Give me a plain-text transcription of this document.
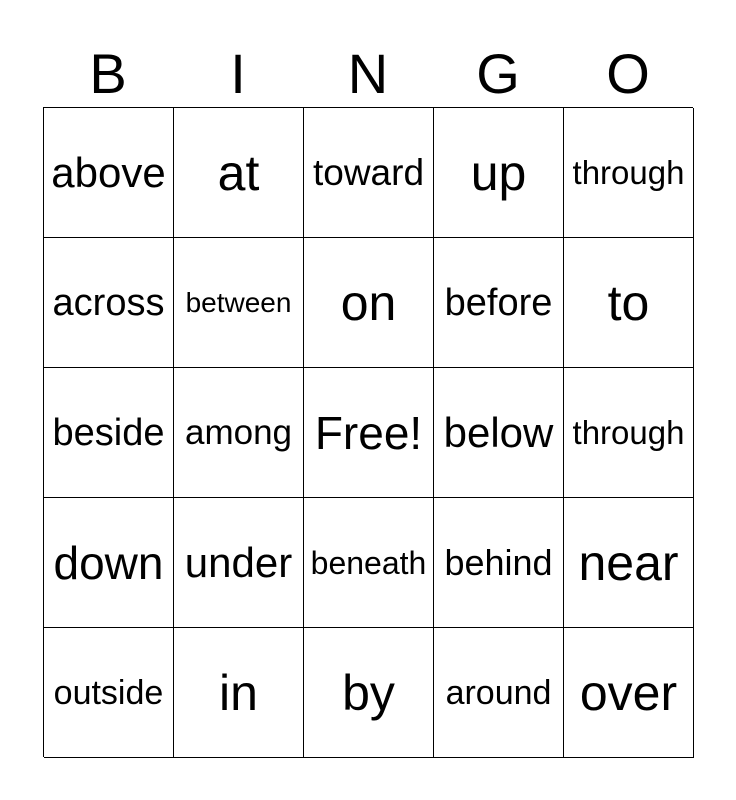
B	I	N	G	O
above at toward up through
across between on before to
beside among Free! below through
down under beneath behind near
outside in by around over
